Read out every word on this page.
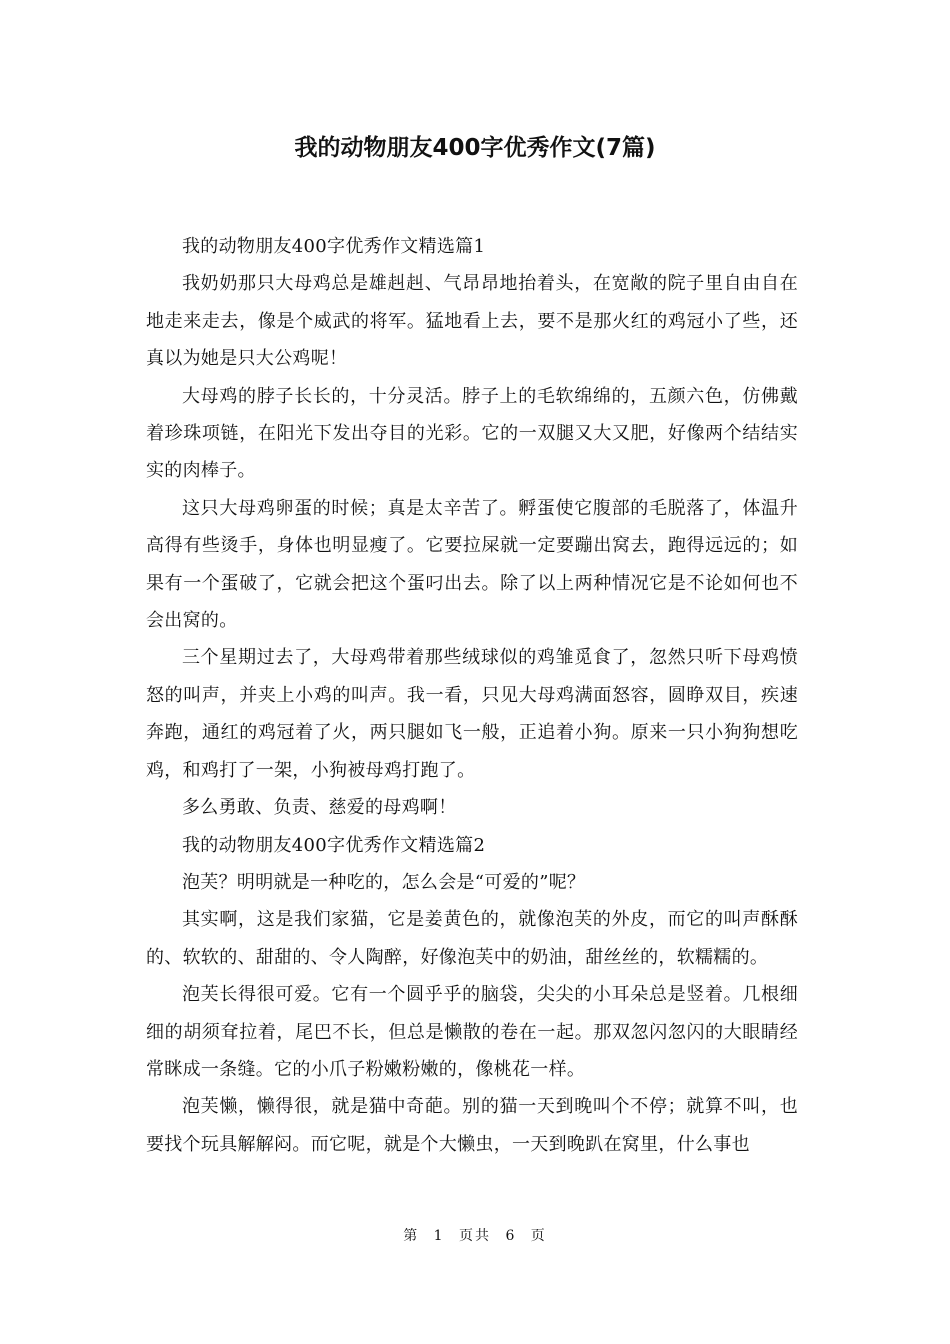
我的动物朋友400字优秀作文(7篇)

我的动物朋友400字优秀作文精选篇1

我奶奶那只大母鸡总是雄赳赳、气昂昂地抬着头，在宽敞的院子里自由自在地走来走去，像是个威武的将军。猛地看上去，要不是那火红的鸡冠小了些，还真以为她是只大公鸡呢！

大母鸡的脖子长长的，十分灵活。脖子上的毛软绵绵的，五颜六色，仿佛戴着珍珠项链，在阳光下发出夺目的光彩。它的一双腿又大又肥，好像两个结结实实的肉棒子。

这只大母鸡卵蛋的时候；真是太辛苦了。孵蛋使它腹部的毛脱落了，体温升高得有些烫手，身体也明显瘦了。它要拉屎就一定要蹦出窝去，跑得远远的；如果有一个蛋破了，它就会把这个蛋叼出去。除了以上两种情况它是不论如何也不会出窝的。

三个星期过去了，大母鸡带着那些绒球似的鸡雏觅食了，忽然只听下母鸡愤怒的叫声，并夹上小鸡的叫声。我一看，只见大母鸡满面怒容，圆睁双目，疾速奔跑，通红的鸡冠着了火，两只腿如飞一般，正追着小狗。原来一只小狗狗想吃鸡，和鸡打了一架，小狗被母鸡打跑了。

多么勇敢、负责、慈爱的母鸡啊！

我的动物朋友400字优秀作文精选篇2

泡芙？明明就是一种吃的，怎么会是“可爱的”呢？

其实啊，这是我们家猫，它是姜黄色的，就像泡芙的外皮，而它的叫声酥酥的、软软的、甜甜的、令人陶醉，好像泡芙中的奶油，甜丝丝的，软糯糯的。

泡芙长得很可爱。它有一个圆乎乎的脑袋，尖尖的小耳朵总是竖着。几根细细的胡须耷拉着，尾巴不长，但总是懒散的卷在一起。那双忽闪忽闪的大眼睛经常眯成一条缝。它的小爪子粉嫩粉嫩的，像桃花一样。

泡芙懒，懒得很，就是猫中奇葩。别的猫一天到晚叫个不停；就算不叫，也要找个玩具解解闷。而它呢，就是个大懒虫，一天到晚趴在窝里，什么事也

第 1 页共 6 页
